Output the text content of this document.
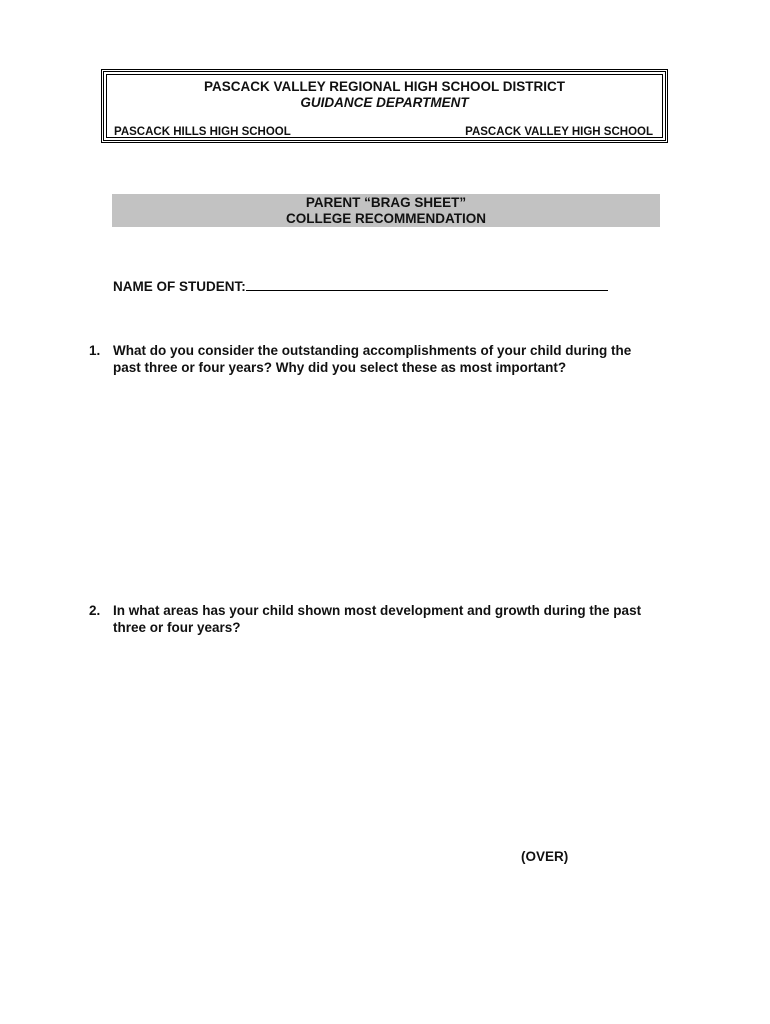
PASCACK VALLEY REGIONAL HIGH SCHOOL DISTRICT
GUIDANCE DEPARTMENT
PASCACK HILLS HIGH SCHOOL	PASCACK VALLEY HIGH SCHOOL
PARENT “BRAG SHEET”
COLLEGE RECOMMENDATION
NAME OF STUDENT:
1. What do you consider the outstanding accomplishments of your child during the past three or four years? Why did you select these as most important?
2. In what areas has your child shown most development and growth during the past three or four years?
(OVER)
